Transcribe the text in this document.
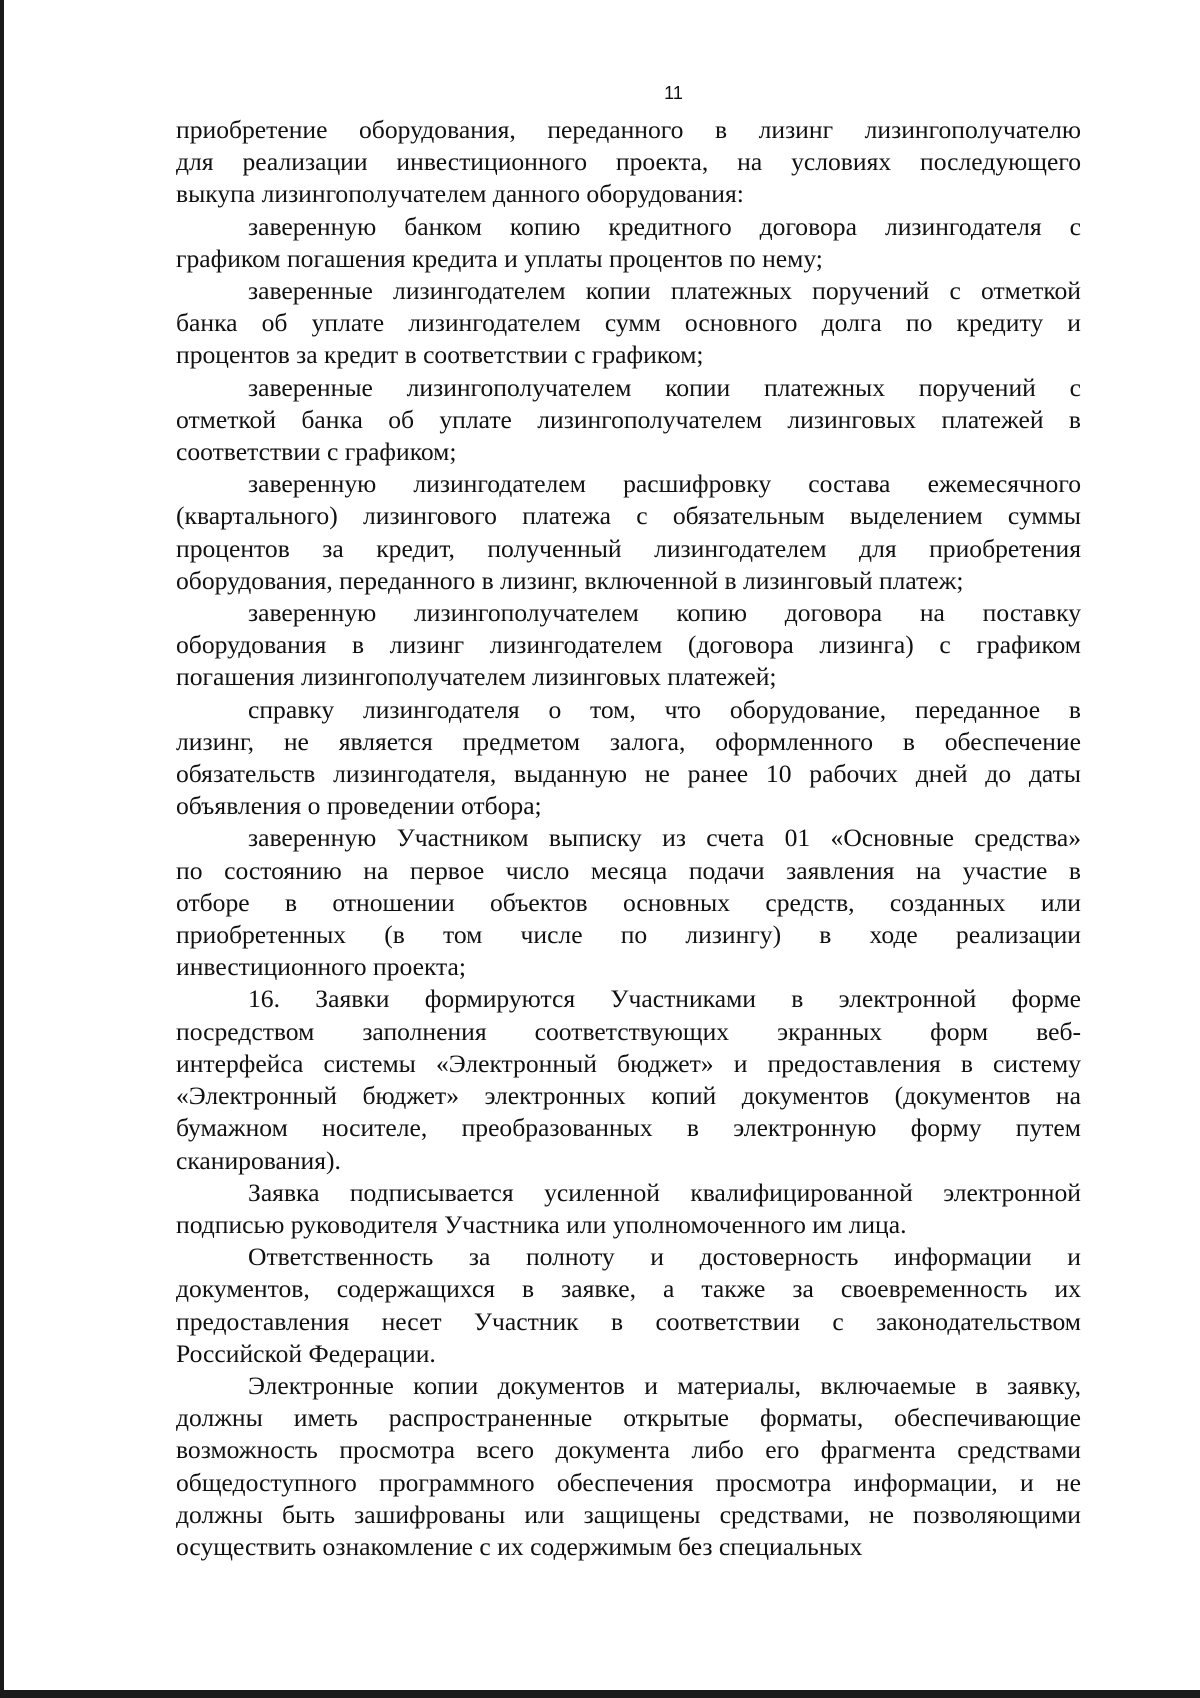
11

приобретение оборудования, переданного в лизинг лизингополучателю
для реализации инвестиционного проекта, на условиях последующего
выкупа лизингополучателем данного оборудования:

заверенную банком копию кредитного договора лизингодателя с
графиком погашения кредита и уплаты процентов по нему;

заверенные лизингодателем копии платежных поручений с отметкой
банка об уплате лизингодателем сумм основного долга по кредиту и
процентов за кредит в соответствии с графиком;

заверенные лизингополучателем копии платежных поручений с
отметкой банка об уплате лизингополучателем лизинговых платежей в
соответствии с графиком;

заверенную лизингодателем расшифровку состава ежемесячного
(квартального) лизингового платежа с обязательным выделением суммы
процентов за кредит, полученный лизингодателем для приобретения
оборудования, переданного в лизинг, включенной в лизинговый платеж;

заверенную лизингополучателем копию договора на поставку
оборудования в лизинг лизингодателем (договора лизинга) с графиком
погашения лизингополучателем лизинговых платежей;

справку лизингодателя о том, что оборудование, переданное в
лизинг, не является предметом залога, оформленного в обеспечение
обязательств лизингодателя, выданную не ранее 10 рабочих дней до даты
объявления о проведении отбора;

заверенную Участником выписку из счета 01 «Основные средства»
по состоянию на первое число месяца подачи заявления на участие в
отборе в отношении объектов основных средств, созданных или
приобретенных (в том числе по лизингу) в ходе реализации
инвестиционного проекта;

16. Заявки формируются Участниками в электронной форме
посредством заполнения соответствующих экранных форм веб-
интерфейса системы «Электронный бюджет» и предоставления в систему
«Электронный бюджет» электронных копий документов (документов на
бумажном носителе, преобразованных в электронную форму путем
сканирования).

Заявка подписывается усиленной квалифицированной электронной
подписью руководителя Участника или уполномоченного им лица.

Ответственность за полноту и достоверность информации и
документов, содержащихся в заявке, а также за своевременность их
предоставления несет Участник в соответствии с законодательством
Российской Федерации.

Электронные копии документов и материалы, включаемые в заявку,
должны иметь распространенные открытые форматы, обеспечивающие
возможность просмотра всего документа либо его фрагмента средствами
общедоступного программного обеспечения просмотра информации, и не
должны быть зашифрованы или защищены средствами, не позволяющими
осуществить ознакомление с их содержимым без специальных
